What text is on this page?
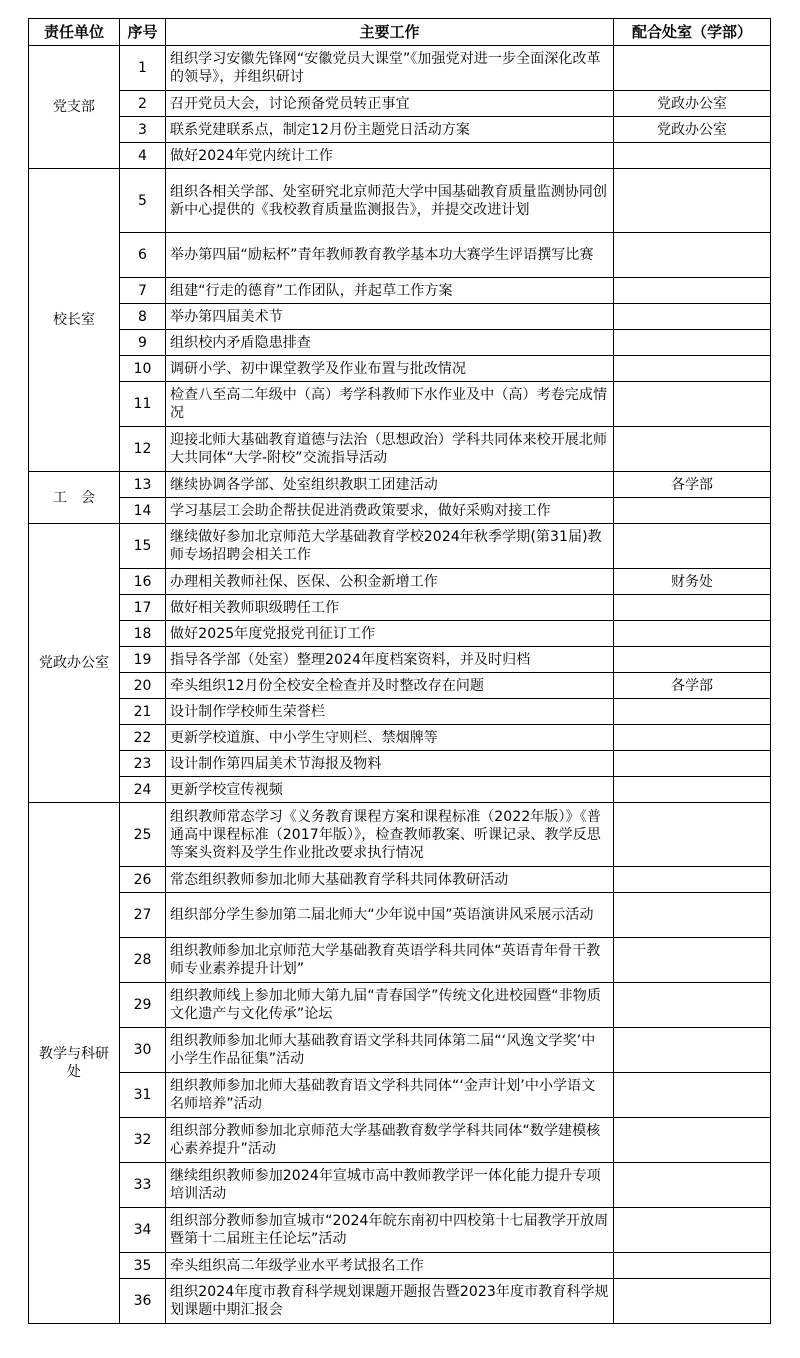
责任单位	序号	主要工作	配合处室（学部）
党支部	1	组织学习安徽先锋网“安徽党员大课堂”《加强党对进一步全面深化改革的领导》，并组织研讨	
	2	召开党员大会，讨论预备党员转正事宜	党政办公室
	3	联系党建联系点，制定12月份主题党日活动方案	党政办公室
	4	做好2024年党内统计工作	
校长室	5	组织各相关学部、处室研究北京师范大学中国基础教育质量监测协同创新中心提供的《我校教育质量监测报告》，并提交改进计划	
	6	举办第四届“励耘杯”青年教师教育教学基本功大赛学生评语撰写比赛	
	7	组建“行走的德育”工作团队，并起草工作方案	
	8	举办第四届美术节	
	9	组织校内矛盾隐患排查	
	10	调研小学、初中课堂教学及作业布置与批改情况	
	11	检查八至高二年级中（高）考学科教师下水作业及中（高）考卷完成情况	
	12	迎接北师大基础教育道德与法治（思想政治）学科共同体来校开展北师大共同体“大学-附校”交流指导活动	
工　会	13	继续协调各学部、处室组织教职工团建活动	各学部
	14	学习基层工会助企帮扶促进消费政策要求，做好采购对接工作	
党政办公室	15	继续做好参加北京师范大学基础教育学校2024年秋季学期(第31届)教师专场招聘会相关工作	
	16	办理相关教师社保、医保、公积金新增工作	财务处
	17	做好相关教师职级聘任工作	
	18	做好2025年度党报党刊征订工作	
	19	指导各学部（处室）整理2024年度档案资料，并及时归档	
	20	牵头组织12月份全校安全检查并及时整改存在问题	各学部
	21	设计制作学校师生荣誉栏	
	22	更新学校道旗、中小学生守则栏、禁烟牌等	
	23	设计制作第四届美术节海报及物料	
	24	更新学校宣传视频	
教学与科研处	25	组织教师常态学习《义务教育课程方案和课程标准（2022年版）》《普通高中课程标准（2017年版）》，检查教师教案、听课记录、教学反思等案头资料及学生作业批改要求执行情况	
	26	常态组织教师参加北师大基础教育学科共同体教研活动	
	27	组织部分学生参加第二届北师大“少年说中国”英语演讲风采展示活动	
	28	组织教师参加北京师范大学基础教育英语学科共同体“英语青年骨干教师专业素养提升计划”	
	29	组织教师线上参加北师大第九届“青春国学”传统文化进校园暨“非物质文化遗产与文化传承”论坛	
	30	组织教师参加北师大基础教育语文学科共同体第二届“‘风逸文学奖’中小学生作品征集”活动	
	31	组织教师参加北师大基础教育语文学科共同体“‘金声计划’中小学语文名师培养”活动	
	32	组织部分教师参加北京师范大学基础教育数学学科共同体“数学建模核心素养提升”活动	
	33	继续组织教师参加2024年宣城市高中教师教学评一体化能力提升专项培训活动	
	34	组织部分教师参加宣城市“2024年皖东南初中四校第十七届教学开放周暨第十二届班主任论坛”活动	
	35	牵头组织高二年级学业水平考试报名工作	
	36	组织2024年度市教育科学规划课题开题报告暨2023年度市教育科学规划课题中期汇报会	
